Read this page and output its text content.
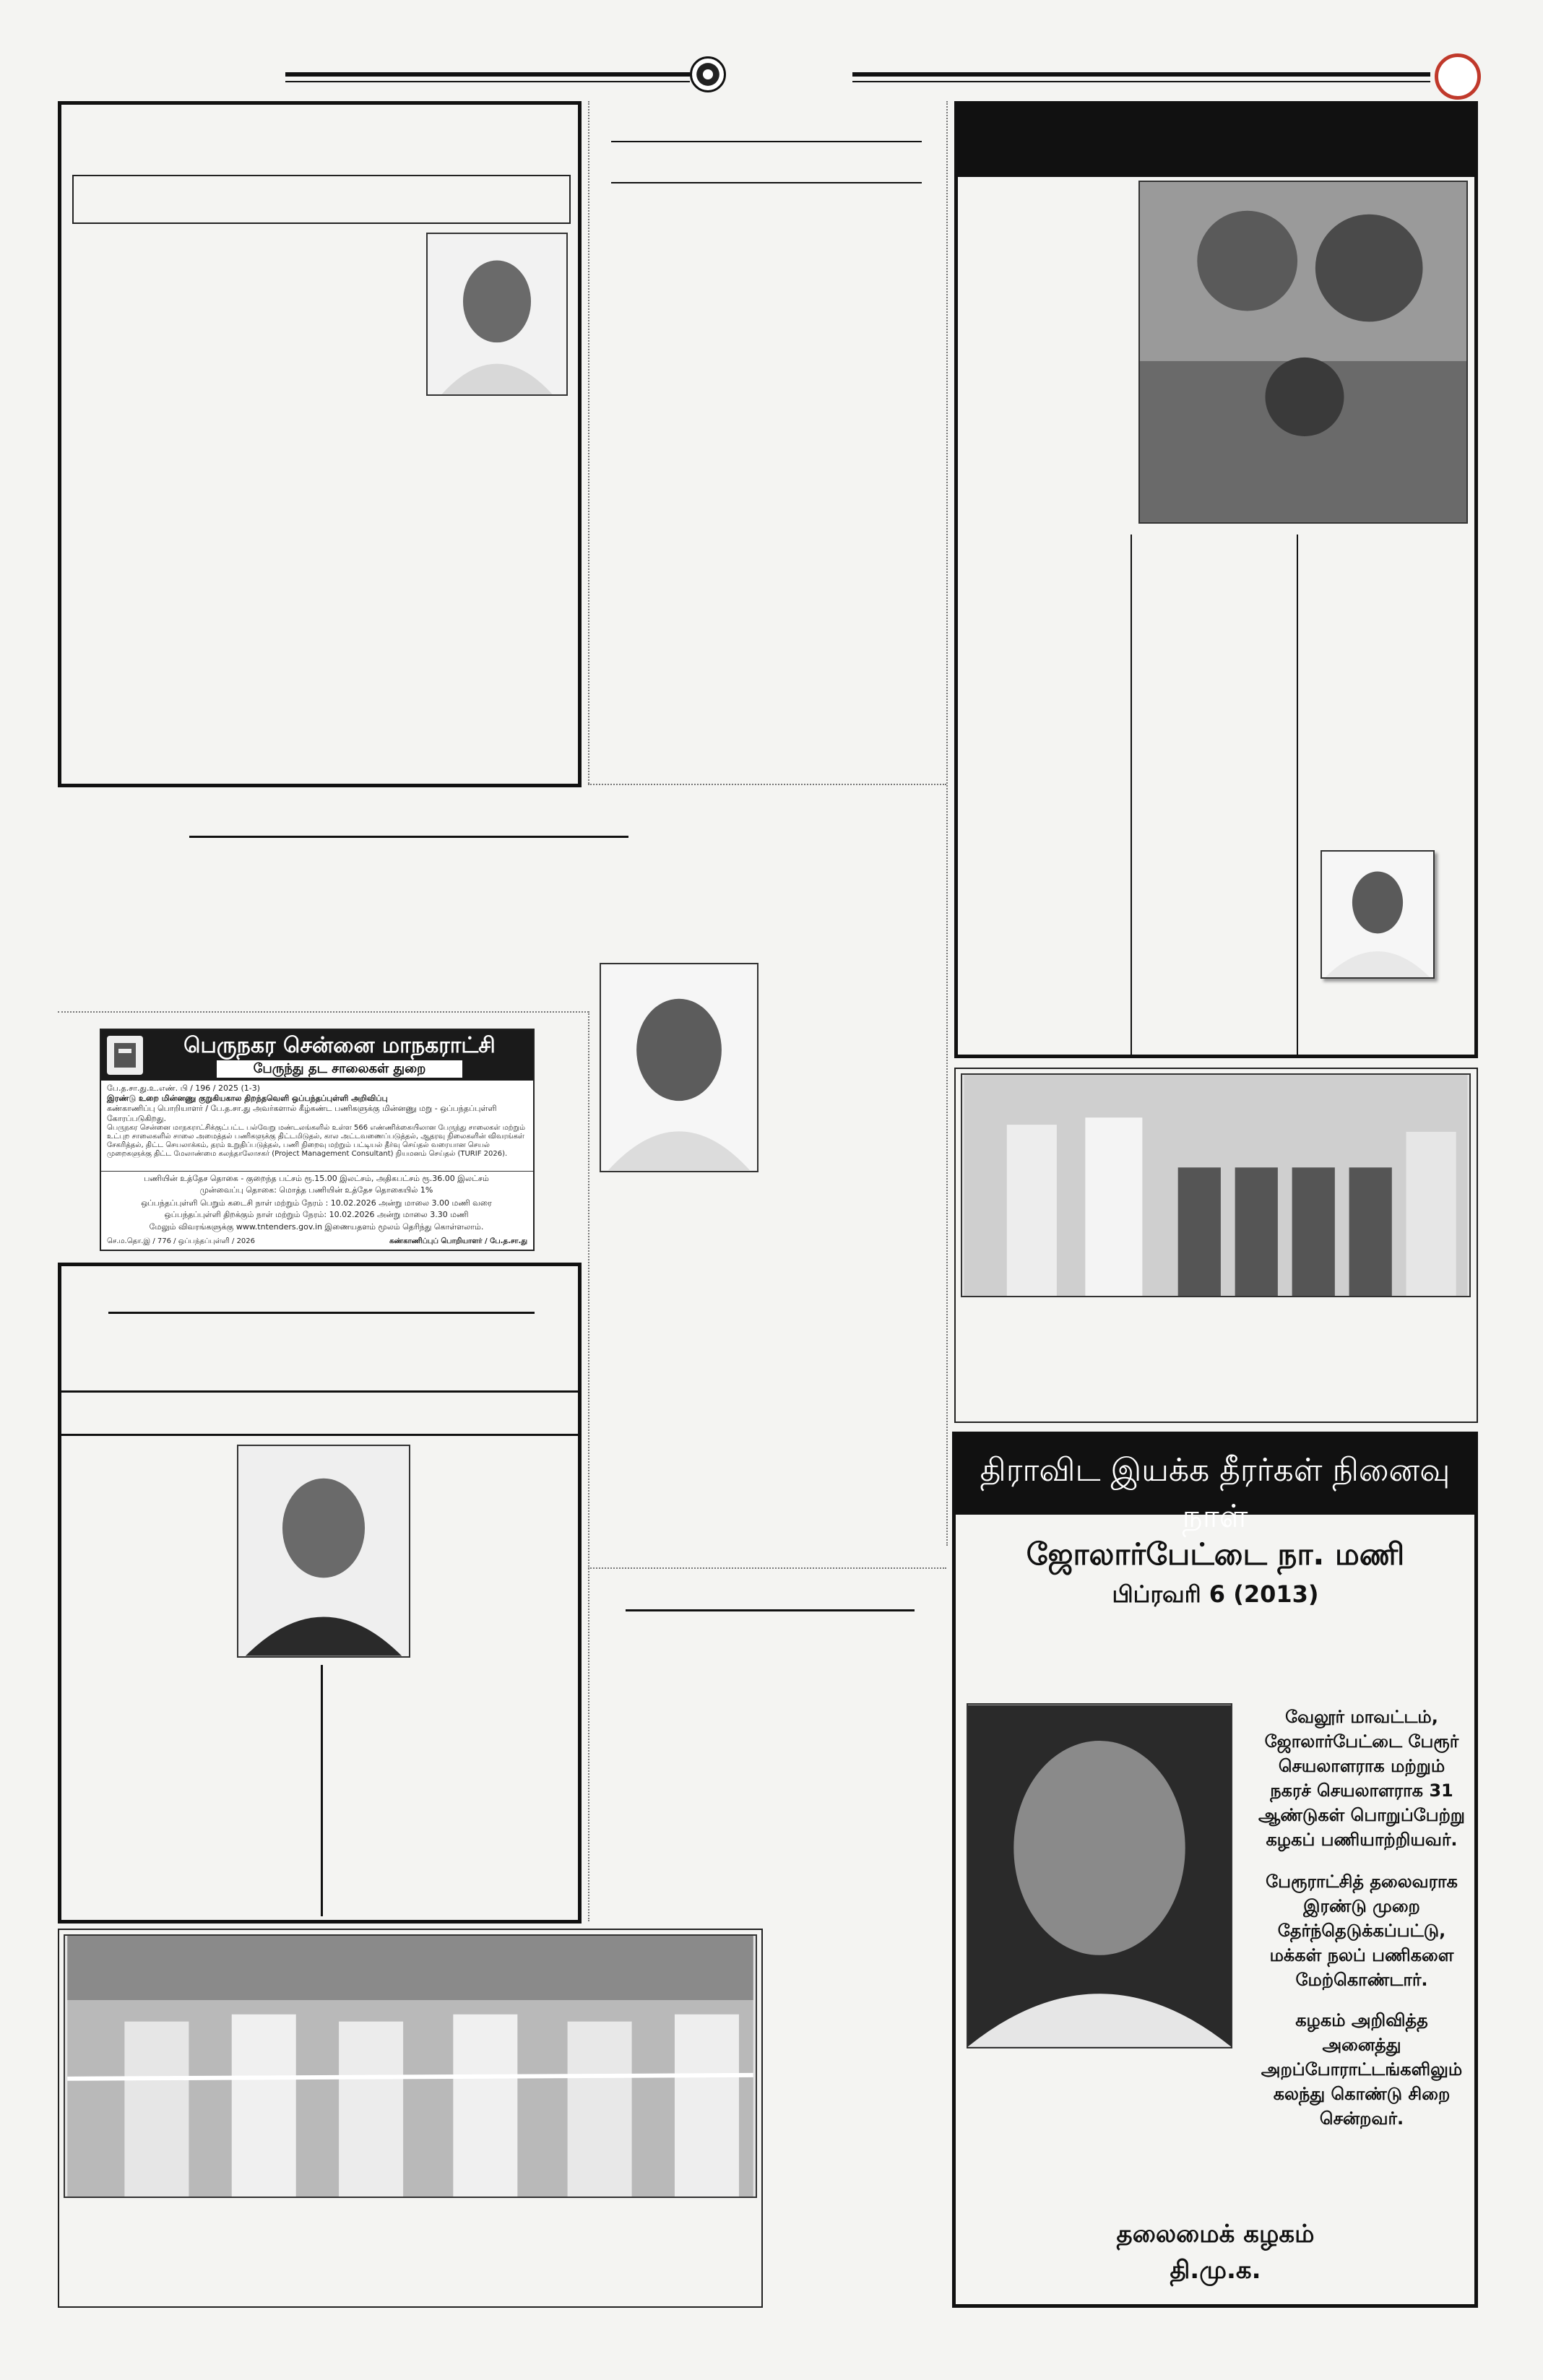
பெருநகர சென்னை மாநகராட்சி
பேருந்து தட சாலைகள் துறை
பே.த.சா.து.உ.எண். பி / 196 / 2025 (1-3)
இரண்டு உறை மின்னணு குறுகியகால திறந்தவெளி ஒப்பந்தப்புள்ளி அறிவிப்பு
கண்காணிப்பு பொறியாளர் / பே.த.சா.து அவர்களால் கீழ்கண்ட பணிகளுக்கு மின்னணு மறு - ஒப்பந்தப்புள்ளி கோரப்படுகிறது.
பெருநகர சென்னை மாநகராட்சிக்குட்பட்ட பல்வேறு மண்டலங்களில் உள்ள 566 எண்ணிக்கையிலான பேருந்து சாலைகள் மற்றும் உட்புற சாலைகளில் சாலை அமைத்தல் பணிகளுக்கு திட்டமிடுதல், கால அட்டவணைப்படுத்தல், ஆதரவு நிலைகளின் விவரங்கள் சேகரித்தல், திட்ட செயலாக்கம், தரம் உறுதிப்படுத்தல், பணி நிறைவு மற்றும் பட்டியல் தீர்வு செய்தல் வரையான செயல் முறைகளுக்கு திட்ட மேலாண்மை கலந்தாலோசகர் (Project Management Consultant) நியமனம் செய்தல் (TURIF 2026).
பணியின் உத்தேச தொகை - குறைந்த பட்சம் ரூ.15.00 இலட்சம், அதிகபட்சம் ரூ.36.00 இலட்சம்
முன்வைப்பு தொகை: மொத்த பணியின் உத்தேச தொகையில் 1%
ஒப்பந்தப்புள்ளி பெறும் கடைசி நாள் மற்றும் நேரம் : 10.02.2026 அன்று மாலை 3.00 மணி வரை
ஒப்பந்தப்புள்ளி திறக்கும் நாள் மற்றும் நேரம்: 10.02.2026 அன்று மாலை 3.30 மணி
மேலும் விவரங்களுக்கு www.tntenders.gov.in இணையதளம் மூலம் தெரிந்து கொள்ளலாம்.
செ.ம.தொ.இ / 776 / ஒப்பந்தப்புள்ளி / 2026	கண்காணிப்புப் பொறியாளர் / பே.த.சா.து
திராவிட இயக்க தீரர்கள் நினைவு நாள்
ஜோலார்பேட்டை நா. மணி
பிப்ரவரி 6 (2013)
வேலூர் மாவட்டம், ஜோலார்பேட்டை பேரூர் செயலாளராக மற்றும் நகரச் செயலாளராக 31 ஆண்டுகள் பொறுப்பேற்று கழகப் பணியாற்றியவர்.
பேரூராட்சித் தலைவராக இரண்டு முறை தேர்ந்தெடுக்கப்பட்டு, மக்கள் நலப் பணிகளை மேற்கொண்டார்.
கழகம் அறிவித்த அனைத்து அறப்போராட்டங்களிலும் கலந்து கொண்டு சிறை சென்றவர்.
தலைமைக் கழகம்
தி.மு.க.
